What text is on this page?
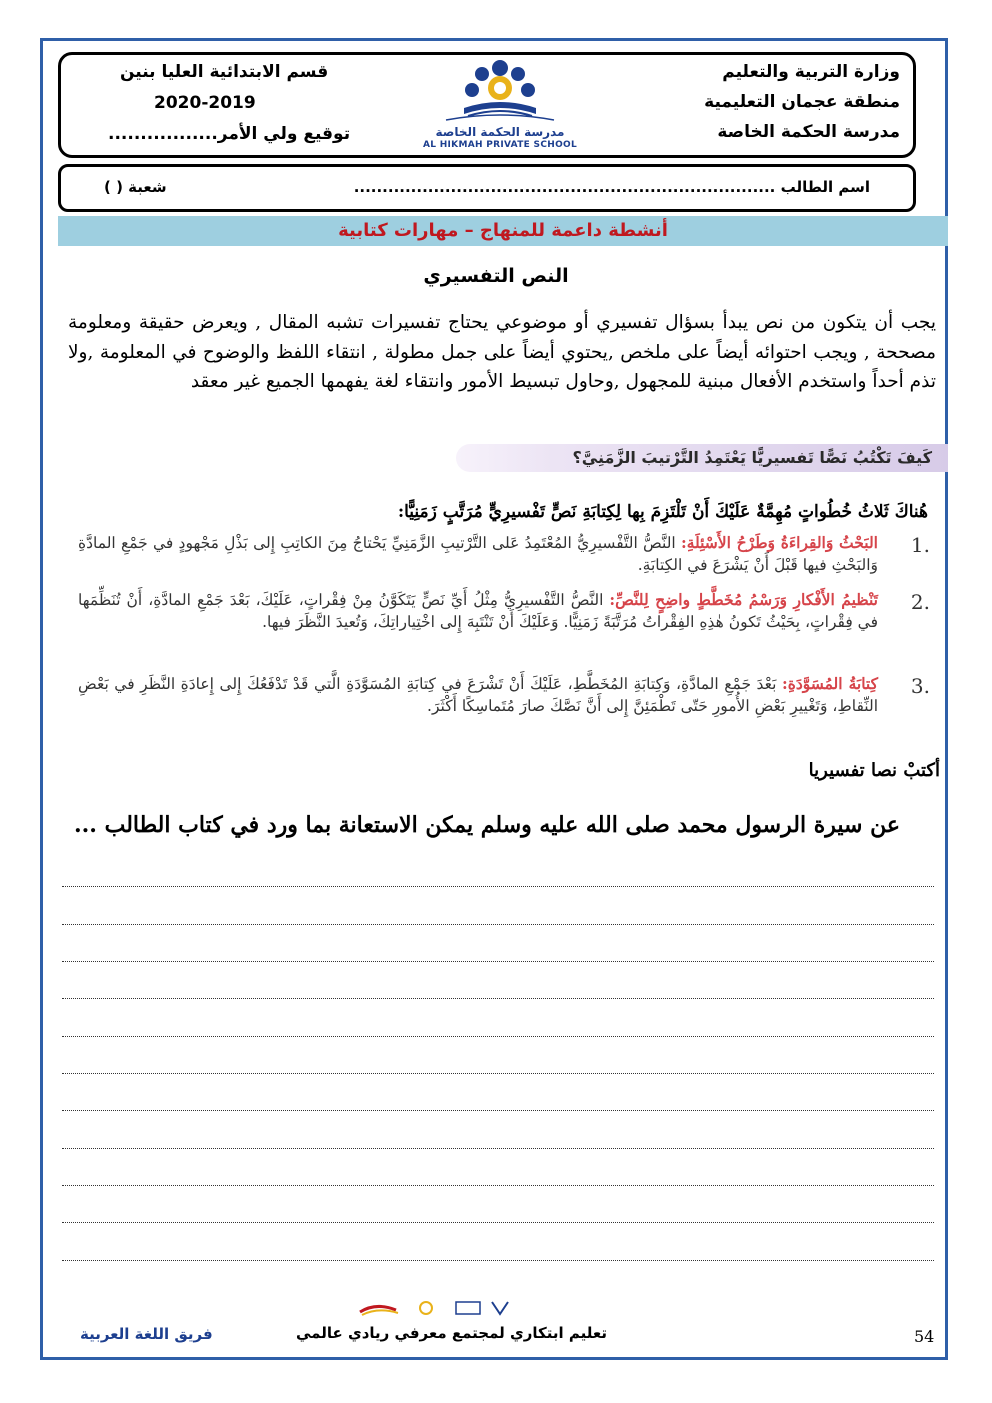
وزارة التربية والتعليم
منطقة عجمان التعليمية
مدرسة الحكمة الخاصة
قسم الابتدائية العليا بنين
2020-2019
توقيع ولي الأمر.................	مدرسة الحكمة الخاصة
AL HIKMAH PRIVATE SCHOOL
اسم الطالب ..........................................................................
شعبة ( )
أنشطة داعمة للمنهاج – مهارات كتابية
النص التفسيري
يجب أن يتكون من نص يبدأ بسؤال تفسيري أو موضوعي يحتاج تفسيرات تشبه المقال , ويعرض حقيقة ومعلومة مصححة , ويجب احتوائه أيضاً على ملخص ,يحتوي أيضاً على جمل مطولة , انتقاء اللفظ والوضوح في المعلومة ,ولا تذم أحداً واستخدم الأفعال مبنية للمجهول ,وحاول تبسيط الأمور وانتقاء لغة يفهمها الجميع غير معقد
كَيفَ تَكْتُبُ نَصًّا تَفسيريًّا يَعْتَمِدُ التَّرْتيبَ الزَّمَنِيَّ؟
هُناكَ ثَلاثُ خُطُواتٍ مُهِمَّةٌ عَلَيْكَ أَنْ تَلْتَزِمَ بِها لِكِتابَةِ نَصٍّ تَفْسيرِيٍّ مُرَتَّبٍ زَمَنِيًّا:
1.
البَحْثُ وَالقِراءَةُ وَطَرْحُ الأَسْئِلَةِ: النَّصُّ التَّفْسيرِيُّ المُعْتَمِدُ عَلى التَّرْتيبِ الزَّمَنِيِّ يَحْتاجُ مِنَ الكاتِبِ إِلى بَذْلِ مَجْهودٍ في جَمْعِ المادَّةِ وَالبَحْثِ فيها قَبْلَ أَنْ يَشْرَعَ في الكِتابَةِ.
2.
تَنْظيمُ الأَفْكارِ وَرَسْمُ مُخَطَّطٍ واضِحٍ لِلنَّصِّ: النَّصُّ التَّفْسيرِيُّ مِثْلُ أَيِّ نَصٍّ يَتَكَوَّنُ مِنْ فِقْراتٍ، عَلَيْكَ، بَعْدَ جَمْعِ المادَّةِ، أَنْ تُنَظِّمَها في فِقْراتٍ، بِحَيْثُ تَكونُ هٰذِهِ الفِقْراتُ مُرَتَّبَةً زَمَنِيًّا. وَعَلَيْكَ أَنْ تَنْتَبِهَ إِلى اخْتِياراتِكَ، وَتُعيدَ النَّظَرَ فيها.
3.
كِتابَةُ المُسَوَّدَةِ: بَعْدَ جَمْعِ المادَّةِ، وَكِتابَةِ المُخَطَّطِ، عَلَيْكَ أَنْ تَشْرَعَ في كِتابَةِ المُسَوَّدَةِ الَّتي قَدْ تَدْفَعُكَ إِلى إِعادَةِ النَّظَرِ في بَعْضِ النِّقاطِ، وَتَغْييرِ بَعْضِ الأُمورِ حَتّى تَطْمَئِنَّ إِلى أَنَّ نَصَّكَ صارَ مُتَماسِكًا أَكْثَرَ.
أكتبْ نصا تفسيريا
عن سيرة الرسول محمد صلى الله عليه وسلم يمكن الاستعانة بما ورد في كتاب الطالب ...
تعليم ابتكاري لمجتمع معرفي ريادي عالمي
فريق اللغة العربية	54
